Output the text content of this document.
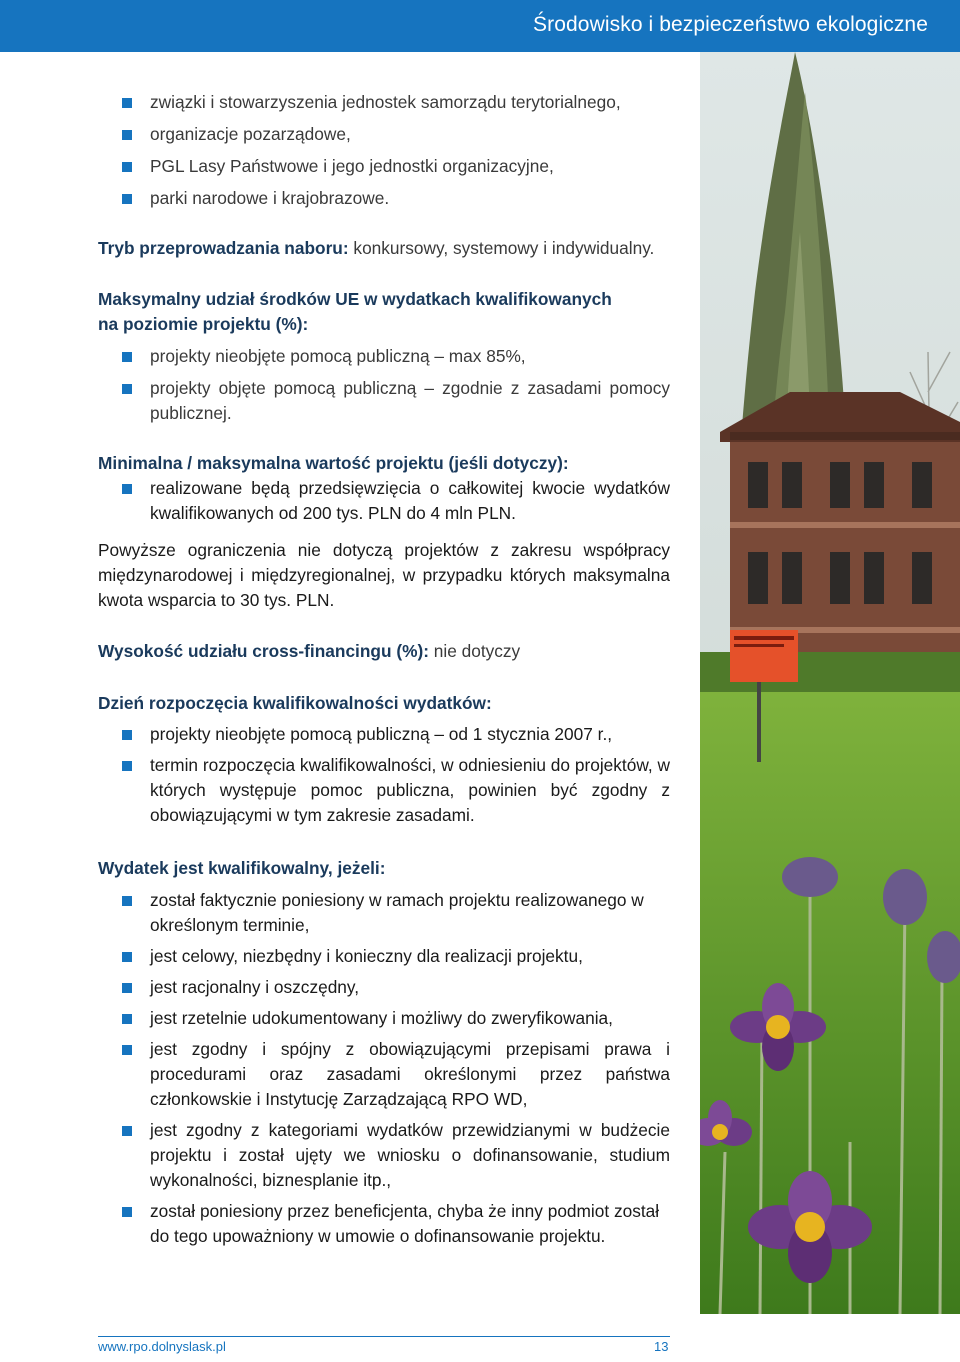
Środowisko i bezpieczeństwo ekologiczne
związki i stowarzyszenia jednostek samorządu terytorialnego,
organizacje pozarządowe,
PGL Lasy Państwowe i jego jednostki organizacyjne,
parki narodowe i krajobrazowe.

Tryb przeprowadzania naboru: konkursowy, systemowy i indywidualny.

Maksymalny udział środków UE w wydatkach kwalifikowanych
na poziomie projektu (%):
projekty nieobjęte pomocą publiczną – max 85%,
projekty objęte pomocą publiczną – zgodnie z zasadami pomocy publicznej.
Minimalna / maksymalna wartość projektu (jeśli dotyczy):
realizowane będą przedsięwzięcia o całkowitej kwocie wydatków kwalifikowanych od 200 tys. PLN do 4 mln PLN.

Powyższe ograniczenia nie dotyczą projektów z zakresu współpracy międzynarodowej i międzyregionalnej, w przypadku których maksymalna kwota wsparcia to 30 tys. PLN.

Wysokość udziału cross-financingu (%): nie dotyczy

Dzień rozpoczęcia kwalifikowalności wydatków:
projekty nieobjęte pomocą publiczną – od 1 stycznia 2007 r.,
termin rozpoczęcia kwalifikowalności, w odniesieniu do projektów, w których występuje pomoc publiczna, powinien być zgodny z obowiązującymi w tym zakresie zasadami.
Wydatek jest kwalifikowalny, jeżeli:
został faktycznie poniesiony w ramach projektu realizowanego w określonym terminie,
jest celowy, niezbędny i konieczny dla realizacji projektu,
jest racjonalny i oszczędny,
jest rzetelnie udokumentowany i możliwy do zweryfikowania,
jest zgodny i spójny z obowiązującymi przepisami prawa i procedurami oraz zasadami określonymi przez państwa członkowskie i Instytucję Zarządzającą RPO WD,
jest zgodny z kategoriami wydatków przewidzianymi w budżecie projektu i został ujęty we wniosku o dofinansowanie, studium wykonalności, biznesplanie itp.,
został poniesiony przez beneficjenta, chyba że inny podmiot został do tego upoważniony w umowie o dofinansowanie projektu.
www.rpo.dolnyslask.pl	13
